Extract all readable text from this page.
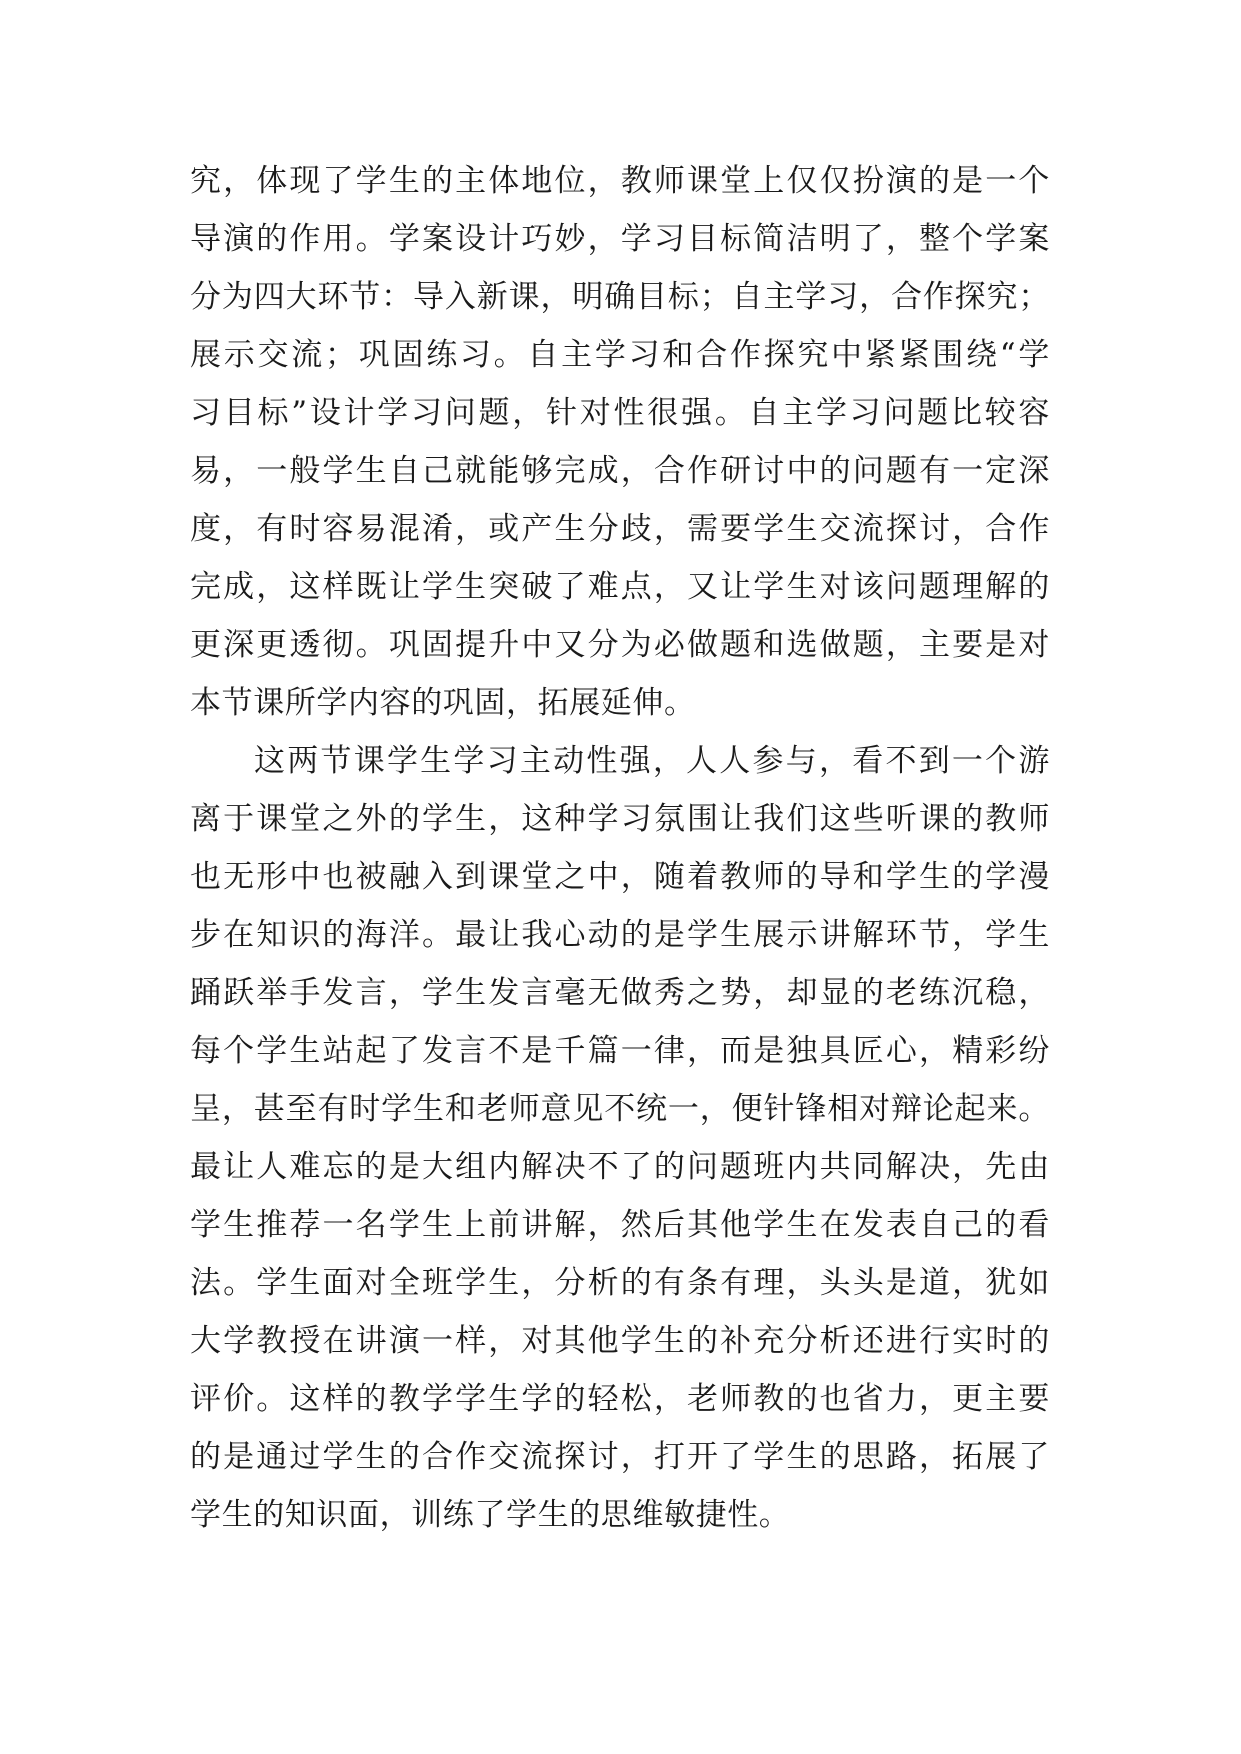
究，体现了学生的主体地位，教师课堂上仅仅扮演的是一个
导演的作用。学案设计巧妙，学习目标简洁明了，整个学案
分为四大环节：导入新课，明确目标；自主学习，合作探究；
展示交流；巩固练习。自主学习和合作探究中紧紧围绕“学
习目标”设计学习问题，针对性很强。自主学习问题比较容
易，一般学生自己就能够完成，合作研讨中的问题有一定深
度，有时容易混淆，或产生分歧，需要学生交流探讨，合作
完成，这样既让学生突破了难点，又让学生对该问题理解的
更深更透彻。巩固提升中又分为必做题和选做题，主要是对
本节课所学内容的巩固，拓展延伸。
这两节课学生学习主动性强，人人参与，看不到一个游
离于课堂之外的学生，这种学习氛围让我们这些听课的教师
也无形中也被融入到课堂之中，随着教师的导和学生的学漫
步在知识的海洋。最让我心动的是学生展示讲解环节，学生
踊跃举手发言，学生发言毫无做秀之势，却显的老练沉稳，
每个学生站起了发言不是千篇一律，而是独具匠心，精彩纷
呈，甚至有时学生和老师意见不统一，便针锋相对辩论起来。
最让人难忘的是大组内解决不了的问题班内共同解决，先由
学生推荐一名学生上前讲解，然后其他学生在发表自己的看
法。学生面对全班学生，分析的有条有理，头头是道，犹如
大学教授在讲演一样，对其他学生的补充分析还进行实时的
评价。这样的教学学生学的轻松，老师教的也省力，更主要
的是通过学生的合作交流探讨，打开了学生的思路，拓展了
学生的知识面，训练了学生的思维敏捷性。
